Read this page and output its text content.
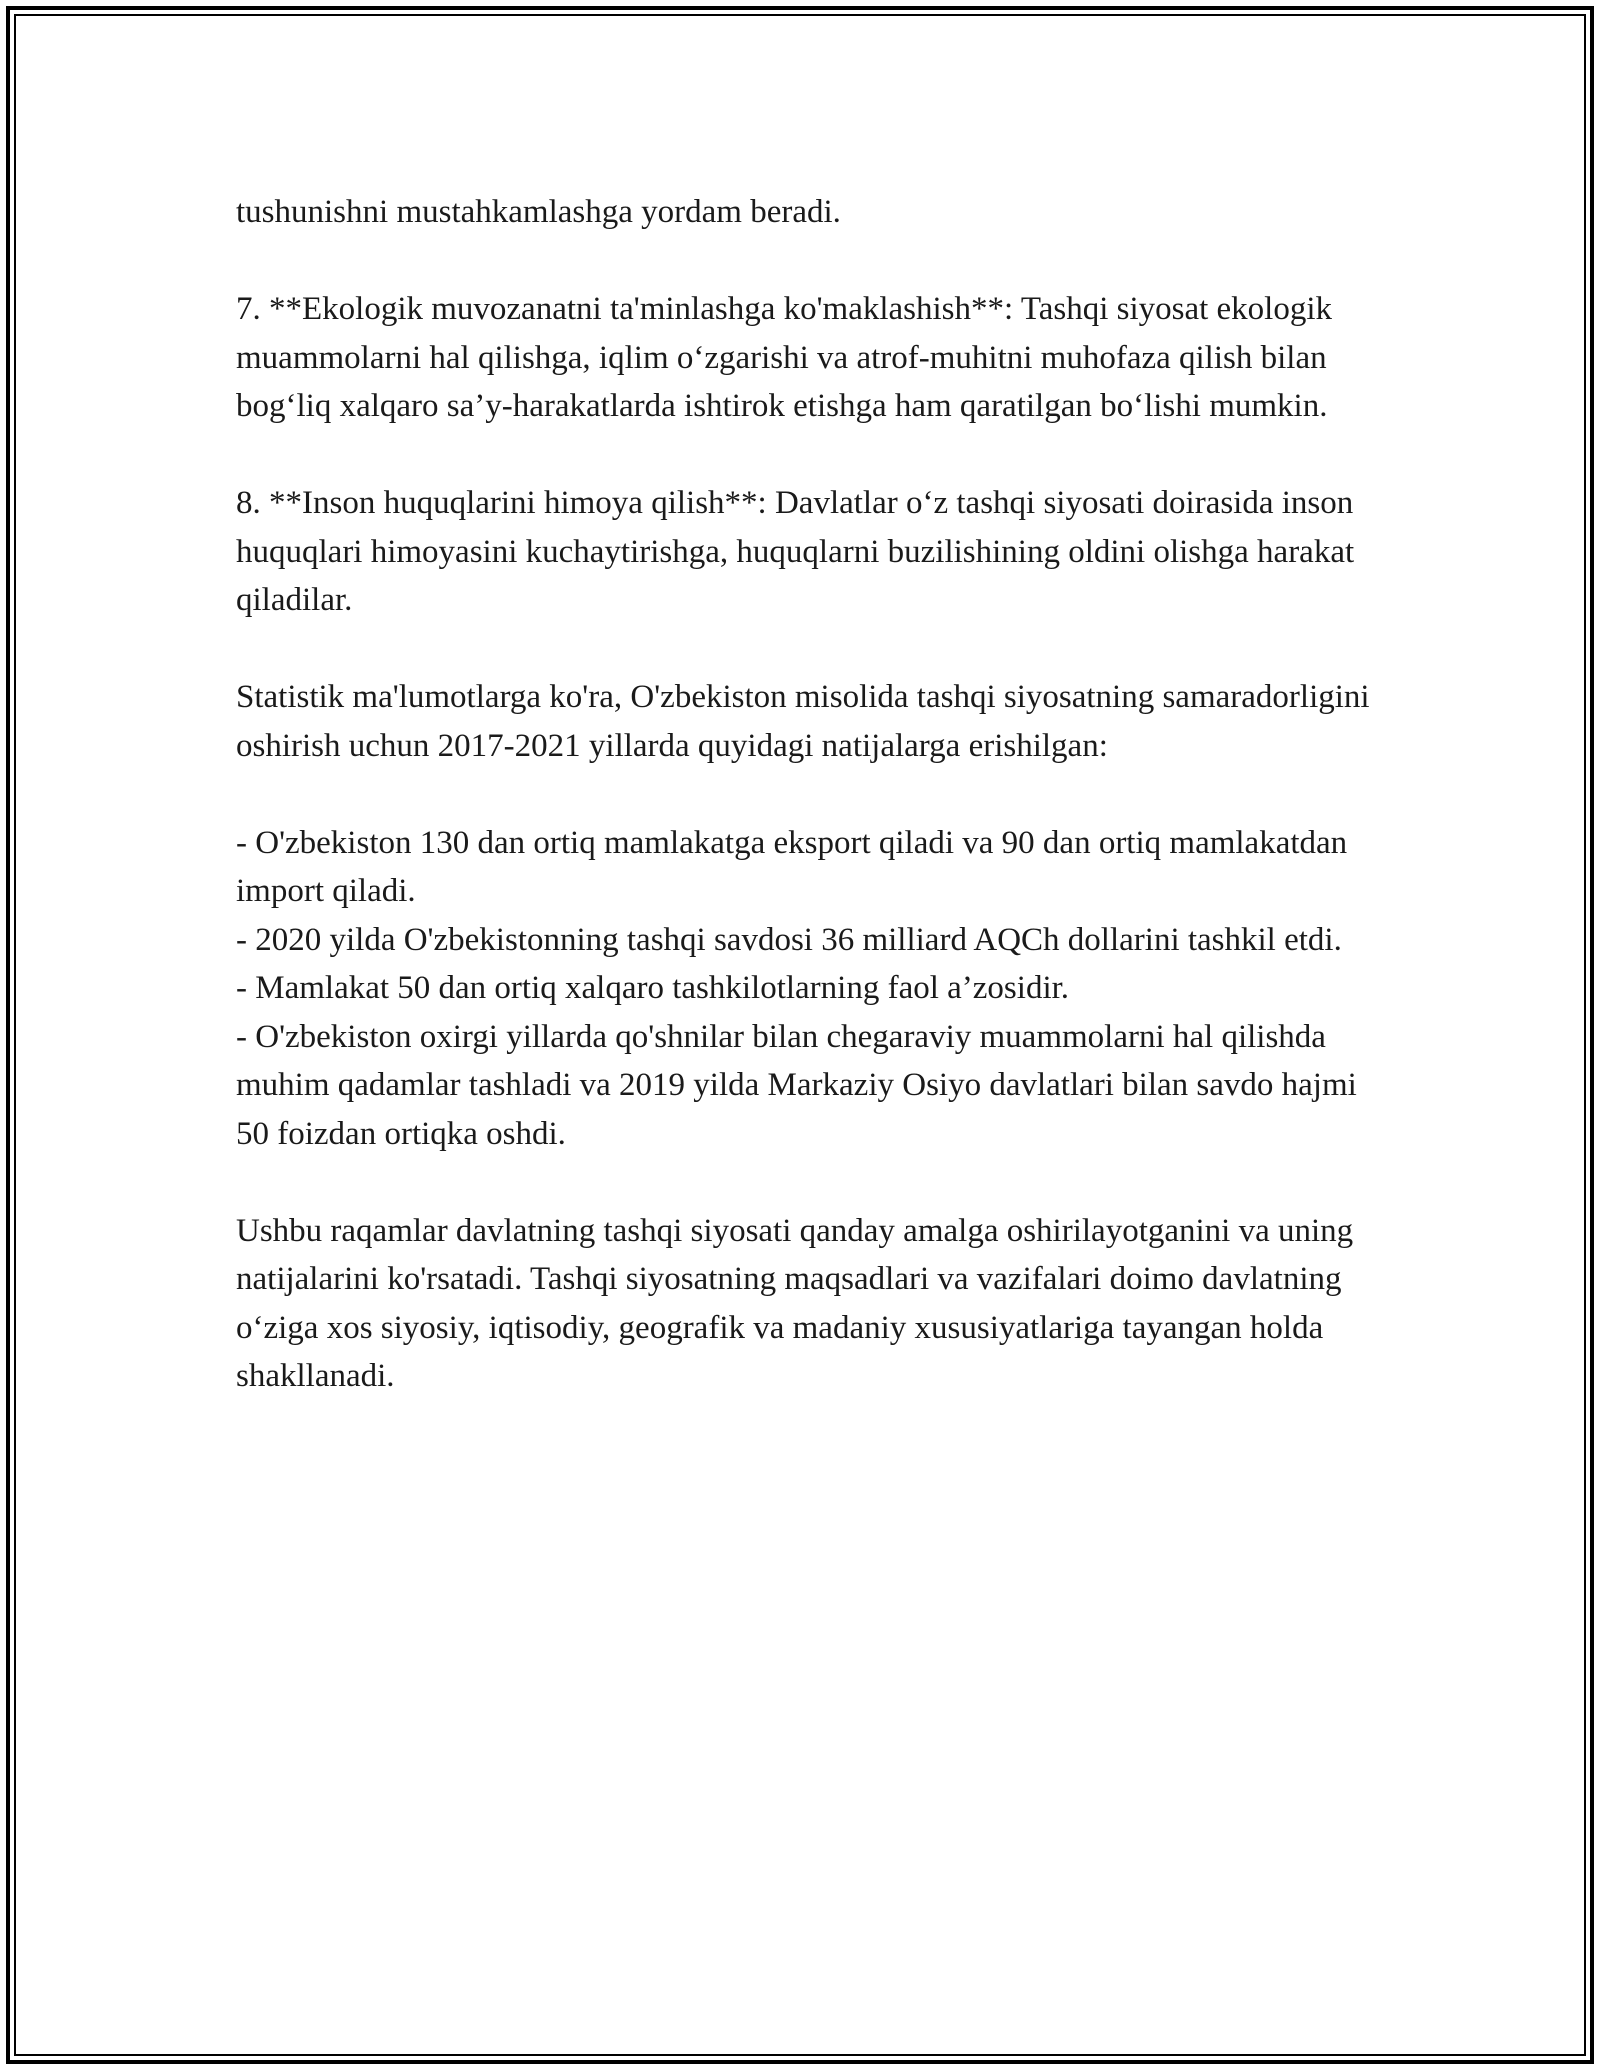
tushunishni mustahkamlashga yordam beradi.

7. **Ekologik muvozanatni ta'minlashga ko'maklashish**: Tashqi siyosat ekologik muammolarni hal qilishga, iqlim o‘zgarishi va atrof-muhitni muhofaza qilish bilan bog‘liq xalqaro sa’y-harakatlarda ishtirok etishga ham qaratilgan bo‘lishi mumkin.

8. **Inson huquqlarini himoya qilish**: Davlatlar o‘z tashqi siyosati doirasida inson huquqlari himoyasini kuchaytirishga, huquqlarni buzilishining oldini olishga harakat qiladilar.

Statistik ma'lumotlarga ko'ra, O'zbekiston misolida tashqi siyosatning samaradorligini oshirish uchun 2017-2021 yillarda quyidagi natijalarga erishilgan:

- O'zbekiston 130 dan ortiq mamlakatga eksport qiladi va 90 dan ortiq mamlakatdan import qiladi.
- 2020 yilda O'zbekistonning tashqi savdosi 36 milliard AQCh dollarini tashkil etdi.
- Mamlakat 50 dan ortiq xalqaro tashkilotlarning faol a’zosidir.
- O'zbekiston oxirgi yillarda qo'shnilar bilan chegaraviy muammolarni hal qilishda muhim qadamlar tashladi va 2019 yilda Markaziy Osiyo davlatlari bilan savdo hajmi 50 foizdan ortiqka oshdi.

Ushbu raqamlar davlatning tashqi siyosati qanday amalga oshirilayotganini va uning natijalarini ko'rsatadi. Tashqi siyosatning maqsadlari va vazifalari doimo davlatning o‘ziga xos siyosiy, iqtisodiy, geografik va madaniy xususiyatlariga tayangan holda shakllanadi.
